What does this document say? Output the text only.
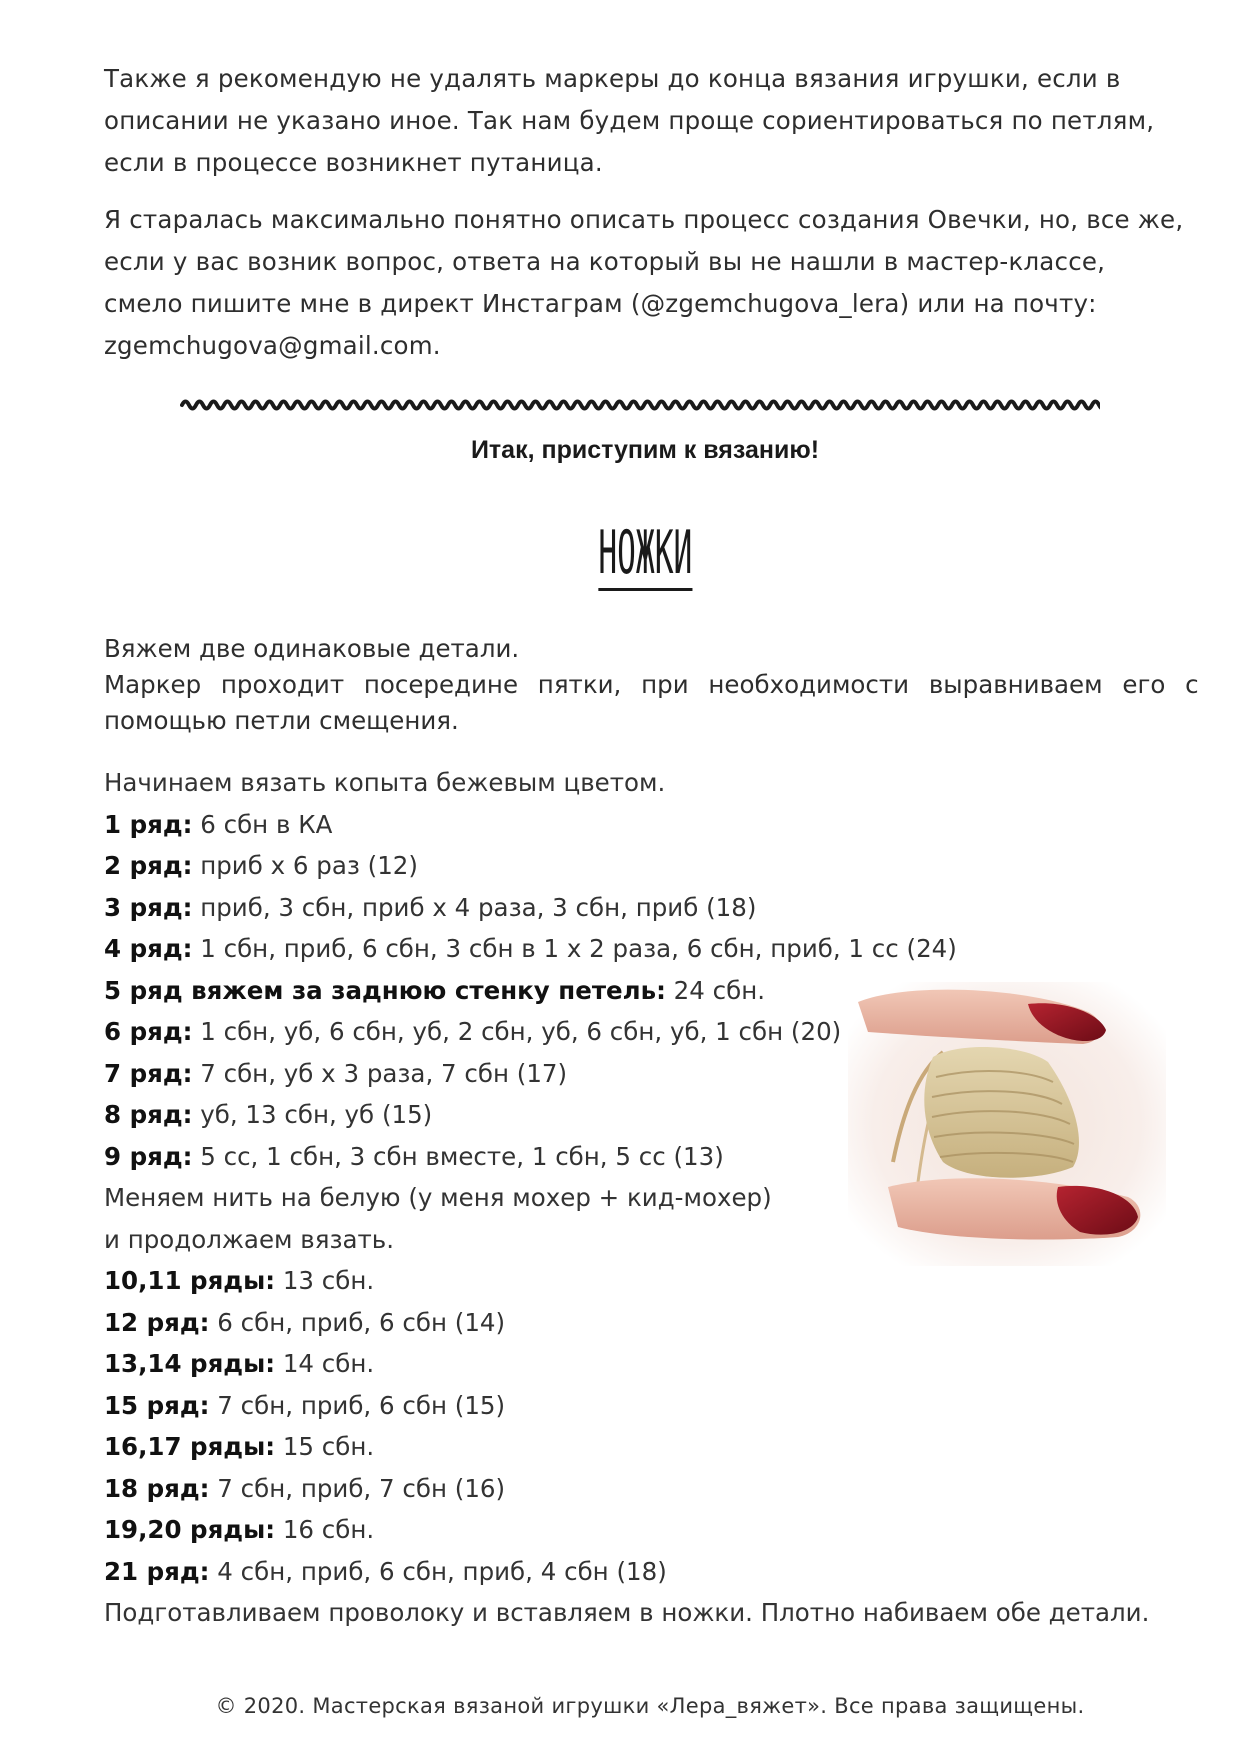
Также я рекомендую не удалять маркеры до конца вязания игрушки, если в
описании не указано иное. Так нам будем проще сориентироваться по петлям,
если в процессе возникнет путаница.
Я старалась максимально понятно описать процесс создания Овечки, но, все же,
если у вас возник вопрос, ответа на который вы не нашли в мастер-классе,
смело пишите мне в директ Инстаграм (@zgemchugova_lera) или на почту:
zgemchugova@gmail.com.

Итак, приступим к вязанию!

НОЖКИ
Вяжем две одинаковые детали.
Маркер проходит посередине пятки, при необходимости выравниваем его с
помощью петли смещения.
Начинаем вязать копыта бежевым цветом.
1 ряд: 6 сбн в КА
2 ряд: приб х 6 раз (12)
3 ряд: приб, 3 сбн, приб х 4 раза, 3 сбн, приб (18)
4 ряд: 1 сбн, приб, 6 сбн, 3 сбн в 1 х 2 раза, 6 сбн, приб, 1 сс (24)
5 ряд вяжем за заднюю стенку петель: 24 сбн.
6 ряд: 1 сбн, уб, 6 сбн, уб, 2 сбн, уб, 6 сбн, уб, 1 сбн (20)
7 ряд: 7 сбн, уб х 3 раза, 7 сбн (17)
8 ряд: уб, 13 сбн, уб (15)
9 ряд: 5 сс, 1 сбн, 3 сбн вместе, 1 сбн, 5 сс (13)
Меняем нить на белую (у меня мохер + кид-мохер)
и продолжаем вязать.
10,11 ряды: 13 сбн.
12 ряд: 6 сбн, приб, 6 сбн (14)
13,14 ряды: 14 сбн.
15 ряд: 7 сбн, приб, 6 сбн (15)
16,17 ряды: 15 сбн.
18 ряд: 7 сбн, приб, 7 сбн (16)
19,20 ряды: 16 сбн.
21 ряд: 4 сбн, приб, 6 сбн, приб, 4 сбн (18)
Подготавливаем проволоку и вставляем в ножки. Плотно набиваем обе детали.

© 2020. Мастерская вязаной игрушки «Лера_вяжет». Все права защищены.
